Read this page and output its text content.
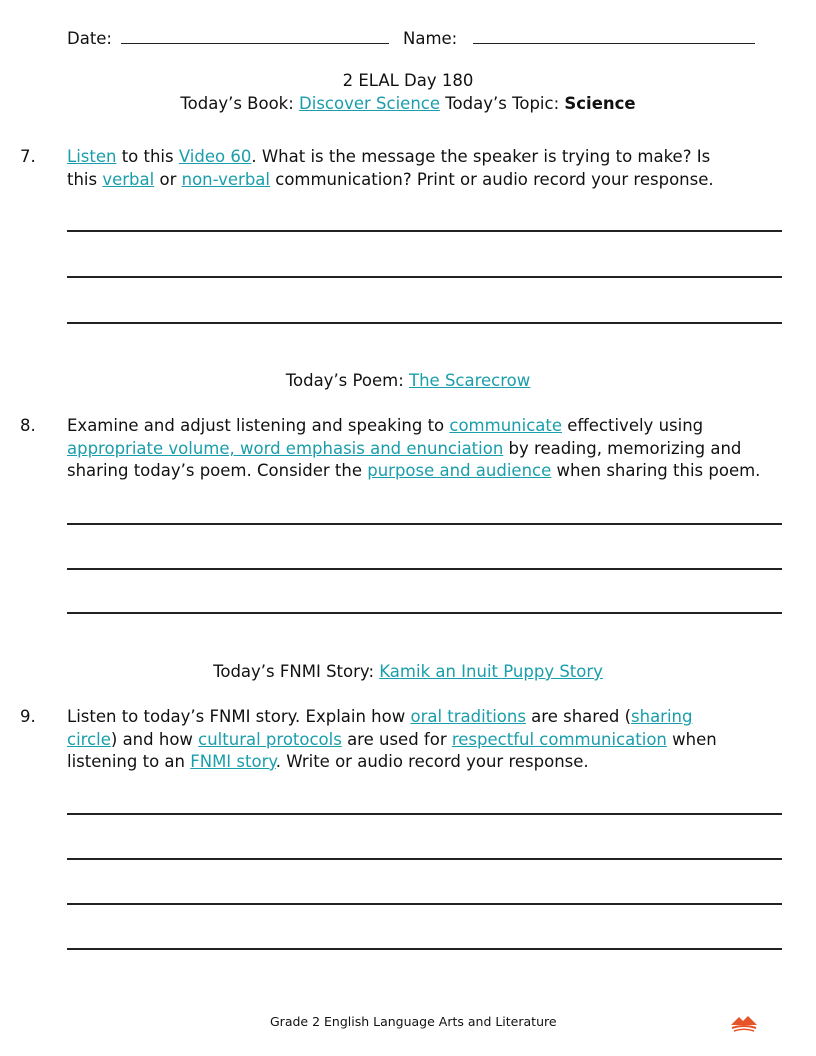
Date:	Name:
2 ELAL Day 180
Today’s Book: Discover Science Today’s Topic: Science
7. Listen to this Video 60. What is the message the speaker is trying to make? Is
this verbal or non-verbal communication? Print or audio record your response.
Today’s Poem: The Scarecrow
8. Examine and adjust listening and speaking to communicate effectively using
appropriate volume, word emphasis and enunciation by reading, memorizing and
sharing today’s poem. Consider the purpose and audience when sharing this poem.
Today’s FNMI Story: Kamik an Inuit Puppy Story
9. Listen to today’s FNMI story. Explain how oral traditions are shared (sharing
circle) and how cultural protocols are used for respectful communication when
listening to an FNMI story. Write or audio record your response.
Grade 2 English Language Arts and Literature
